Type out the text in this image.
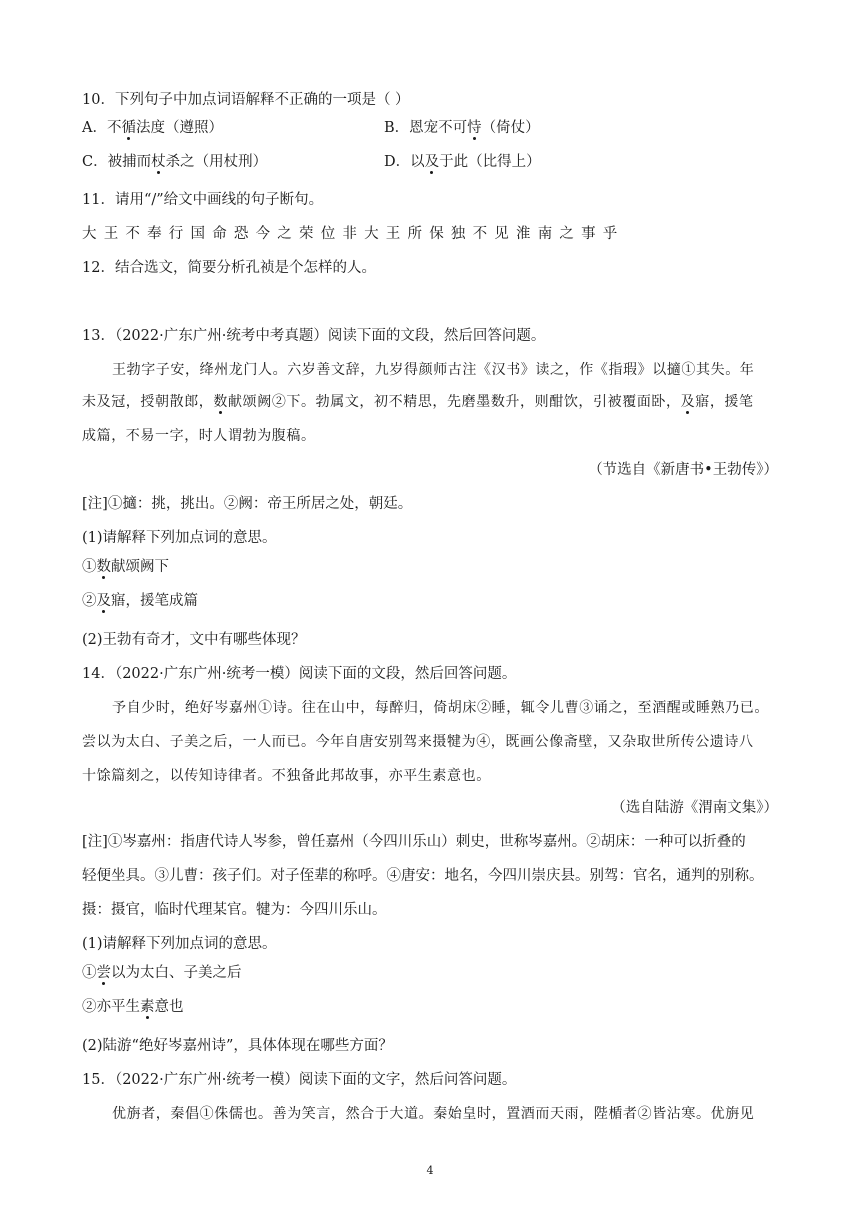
10．下列句子中加点词语解释不正确的一项是（ ）
A．不循法度（遵照）	B．恩宠不可恃（倚仗）
C．被捕而杖杀之（用杖刑）	D．以及于此（比得上）
11．请用“/”给文中画线的句子断句。
大王不奉行国命恐今之荣位非大王所保独不见淮南之事乎
12．结合选文，简要分析孔祯是个怎样的人。
13．（2022·广东广州·统考中考真题）阅读下面的文段，然后回答问题。
王勃字子安，绛州龙门人。六岁善文辞，九岁得颜师古注《汉书》读之，作《指瑕》以擿①其失。年
未及冠，授朝散郎，数献颂阙②下。勃属文，初不精思，先磨墨数升，则酣饮，引被覆面卧，及寤，援笔
成篇，不易一字，时人谓勃为腹稿。
（节选自《新唐书•王勃传》）
[注]①擿：挑，挑出。②阙：帝王所居之处，朝廷。
(1)请解释下列加点词的意思。
①数献颂阙下
②及寤，援笔成篇
(2)王勃有奇才，文中有哪些体现？
14．（2022·广东广州·统考一模）阅读下面的文段，然后回答问题。
予自少时，绝好岑嘉州①诗。往在山中，每醉归，倚胡床②睡，辄令儿曹③诵之，至酒醒或睡熟乃已。
尝以为太白、子美之后，一人而已。今年自唐安别驾来摄犍为④，既画公像斋壁，又杂取世所传公遗诗八
十馀篇刻之，以传知诗律者。不独备此邦故事，亦平生素意也。
（选自陆游《渭南文集》）
[注]①岑嘉州：指唐代诗人岑参，曾任嘉州（今四川乐山）刺史，世称岑嘉州。②胡床：一种可以折叠的
轻便坐具。③儿曹：孩子们。对子侄辈的称呼。④唐安：地名，今四川崇庆县。别驾：官名，通判的别称。
摄：摄官，临时代理某官。犍为：今四川乐山。
(1)请解释下列加点词的意思。
①尝以为太白、子美之后
②亦平生素意也
(2)陆游“绝好岑嘉州诗”，具体体现在哪些方面？
15．（2022·广东广州·统考一模）阅读下面的文字，然后问答问题。
优旃者，秦倡①侏儒也。善为笑言，然合于大道。秦始皇时，置酒而天雨，陛楯者②皆沾寒。优旃见
4
